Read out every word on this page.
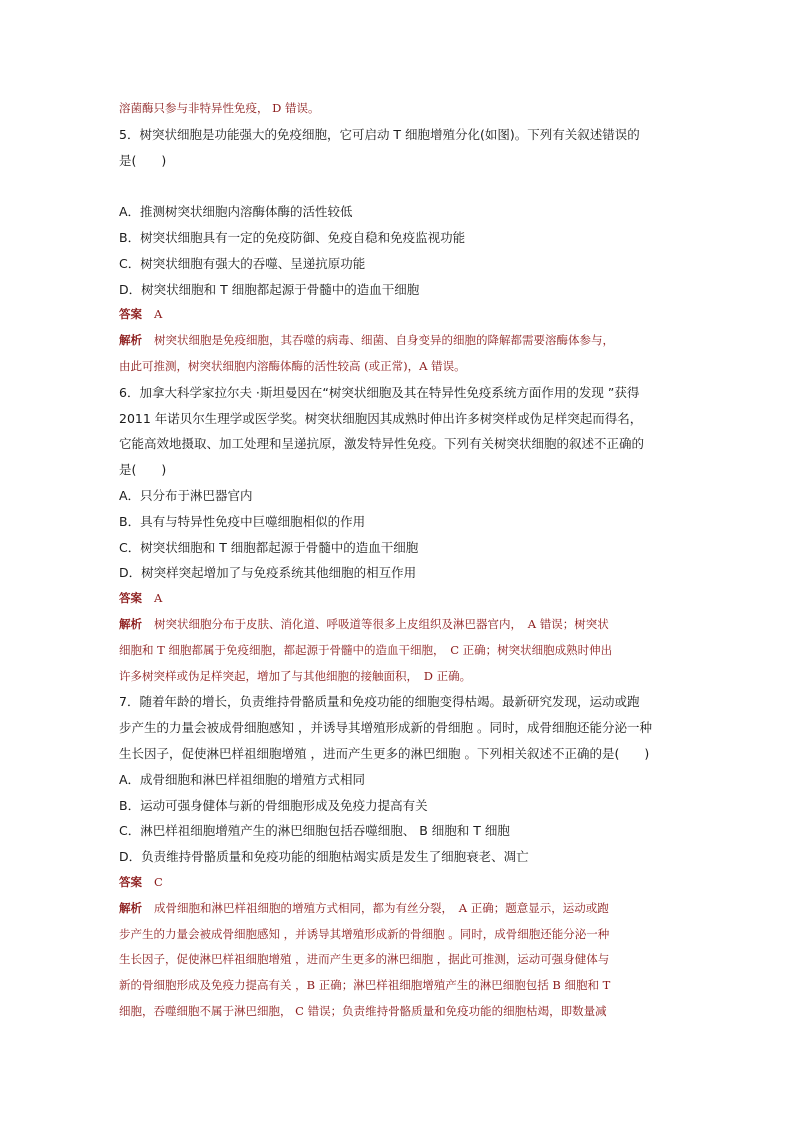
溶菌酶只参与非特异性免疫， D 错误。
5．树突状细胞是功能强大的免疫细胞，它可启动 T 细胞增殖分化(如图)。下列有关叙述错误的
是(　　)
A．推测树突状细胞内溶酶体酶的活性较低
B．树突状细胞具有一定的免疫防御、免疫自稳和免疫监视功能
C．树突状细胞有强大的吞噬、呈递抗原功能
D．树突状细胞和 T 细胞都起源于骨髓中的造血干细胞
答案 A
解析 树突状细胞是免疫细胞，其吞噬的病毒、细菌、自身变异的细胞的降解都需要溶酶体参与，
由此可推测，树突状细胞内溶酶体酶的活性较高 (或正常)，A 错误。
6．加拿大科学家拉尔夫 ·斯坦曼因在“树突状细胞及其在特异性免疫系统方面作用的发现 ”获得
2011 年诺贝尔生理学或医学奖。树突状细胞因其成熟时伸出许多树突样或伪足样突起而得名，
它能高效地摄取、加工处理和呈递抗原，激发特异性免疫。下列有关树突状细胞的叙述不正确的
是(　　)
A．只分布于淋巴器官内
B．具有与特异性免疫中巨噬细胞相似的作用
C．树突状细胞和 T 细胞都起源于骨髓中的造血干细胞
D．树突样突起增加了与免疫系统其他细胞的相互作用
答案 A
解析 树突状细胞分布于皮肤、消化道、呼吸道等很多上皮组织及淋巴器官内，　A 错误；树突状
细胞和 T 细胞都属于免疫细胞，都起源于骨髓中的造血干细胞，　C 正确；树突状细胞成熟时伸出
许多树突样或伪足样突起，增加了与其他细胞的接触面积，　D 正确。
7．随着年龄的增长，负责维持骨骼质量和免疫功能的细胞变得枯竭。最新研究发现，运动或跑
步产生的力量会被成骨细胞感知 ，并诱导其增殖形成新的骨细胞 。同时，成骨细胞还能分泌一种
生长因子，促使淋巴样祖细胞增殖 ，进而产生更多的淋巴细胞 。下列相关叙述不正确的是(　　)
A．成骨细胞和淋巴样祖细胞的增殖方式相同
B．运动可强身健体与新的骨细胞形成及免疫力提高有关
C．淋巴样祖细胞增殖产生的淋巴细胞包括吞噬细胞、 B 细胞和 T 细胞
D．负责维持骨骼质量和免疫功能的细胞枯竭实质是发生了细胞衰老、凋亡
答案 C
解析 成骨细胞和淋巴样祖细胞的增殖方式相同，都为有丝分裂，　A 正确；题意显示，运动或跑
步产生的力量会被成骨细胞感知 ，并诱导其增殖形成新的骨细胞 。同时，成骨细胞还能分泌一种
生长因子，促使淋巴样祖细胞增殖 ，进而产生更多的淋巴细胞 ，据此可推测，运动可强身健体与
新的骨细胞形成及免疫力提高有关 ，B 正确；淋巴样祖细胞增殖产生的淋巴细胞包括 B 细胞和 T
细胞，吞噬细胞不属于淋巴细胞， C 错误；负责维持骨骼质量和免疫功能的细胞枯竭，即数量减
